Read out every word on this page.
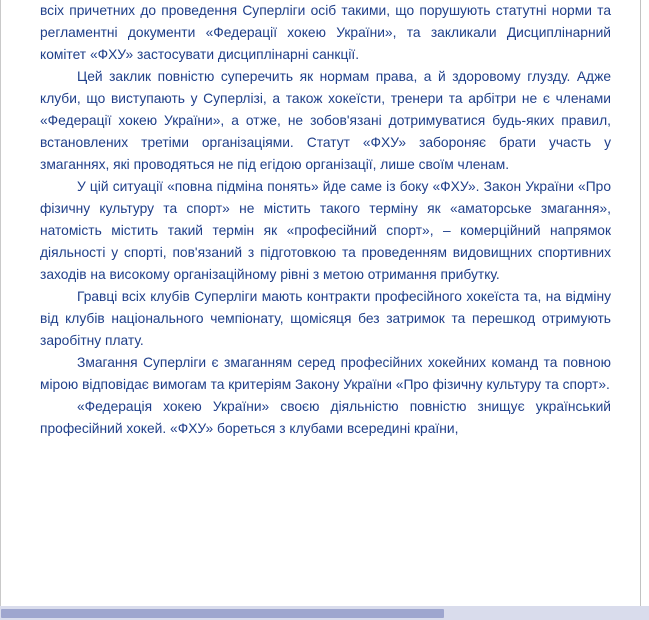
всіх причетних до проведення Суперліги осіб такими, що порушують статутні норми та регламентні документи «Федерації хокею України», та закликали Дисциплінарний комітет «ФХУ» застосувати дисциплінарні санкції.

Цей заклик повністю суперечить як нормам права, а й здоровому глузду. Адже клуби, що виступають у Суперлізі, а також хокеїсти, тренери та арбітри не є членами «Федерації хокею України», а отже, не зобов'язані дотримуватися будь-яких правил, встановлених третіми організаціями. Статут «ФХУ» забороняє брати участь у змаганнях, які проводяться не під егідою організації, лише своїм членам.

У цій ситуації «повна підміна понять» йде саме із боку «ФХУ». Закон України «Про фізичну культуру та спорт» не містить такого терміну як «аматорське змагання», натомість містить такий термін як «професійний спорт», – комерційний напрямок діяльності у спорті, пов'язаний з підготовкою та проведенням видовищних спортивних заходів на високому організаційному рівні з метою отримання прибутку.

Гравці всіх клубів Суперліги мають контракти професійного хокеїста та, на відміну від клубів національного чемпіонату, щомісяця без затримок та перешкод отримують заробітну плату.

Змагання Суперліги є змаганням серед професійних хокейних команд та повною мірою відповідає вимогам та критеріям Закону України «Про фізичну культуру та спорт».

«Федерація хокею України» своєю діяльністю повністю знищує український професійний хокей. «ФХУ» бореться з клубами всередині країни,
